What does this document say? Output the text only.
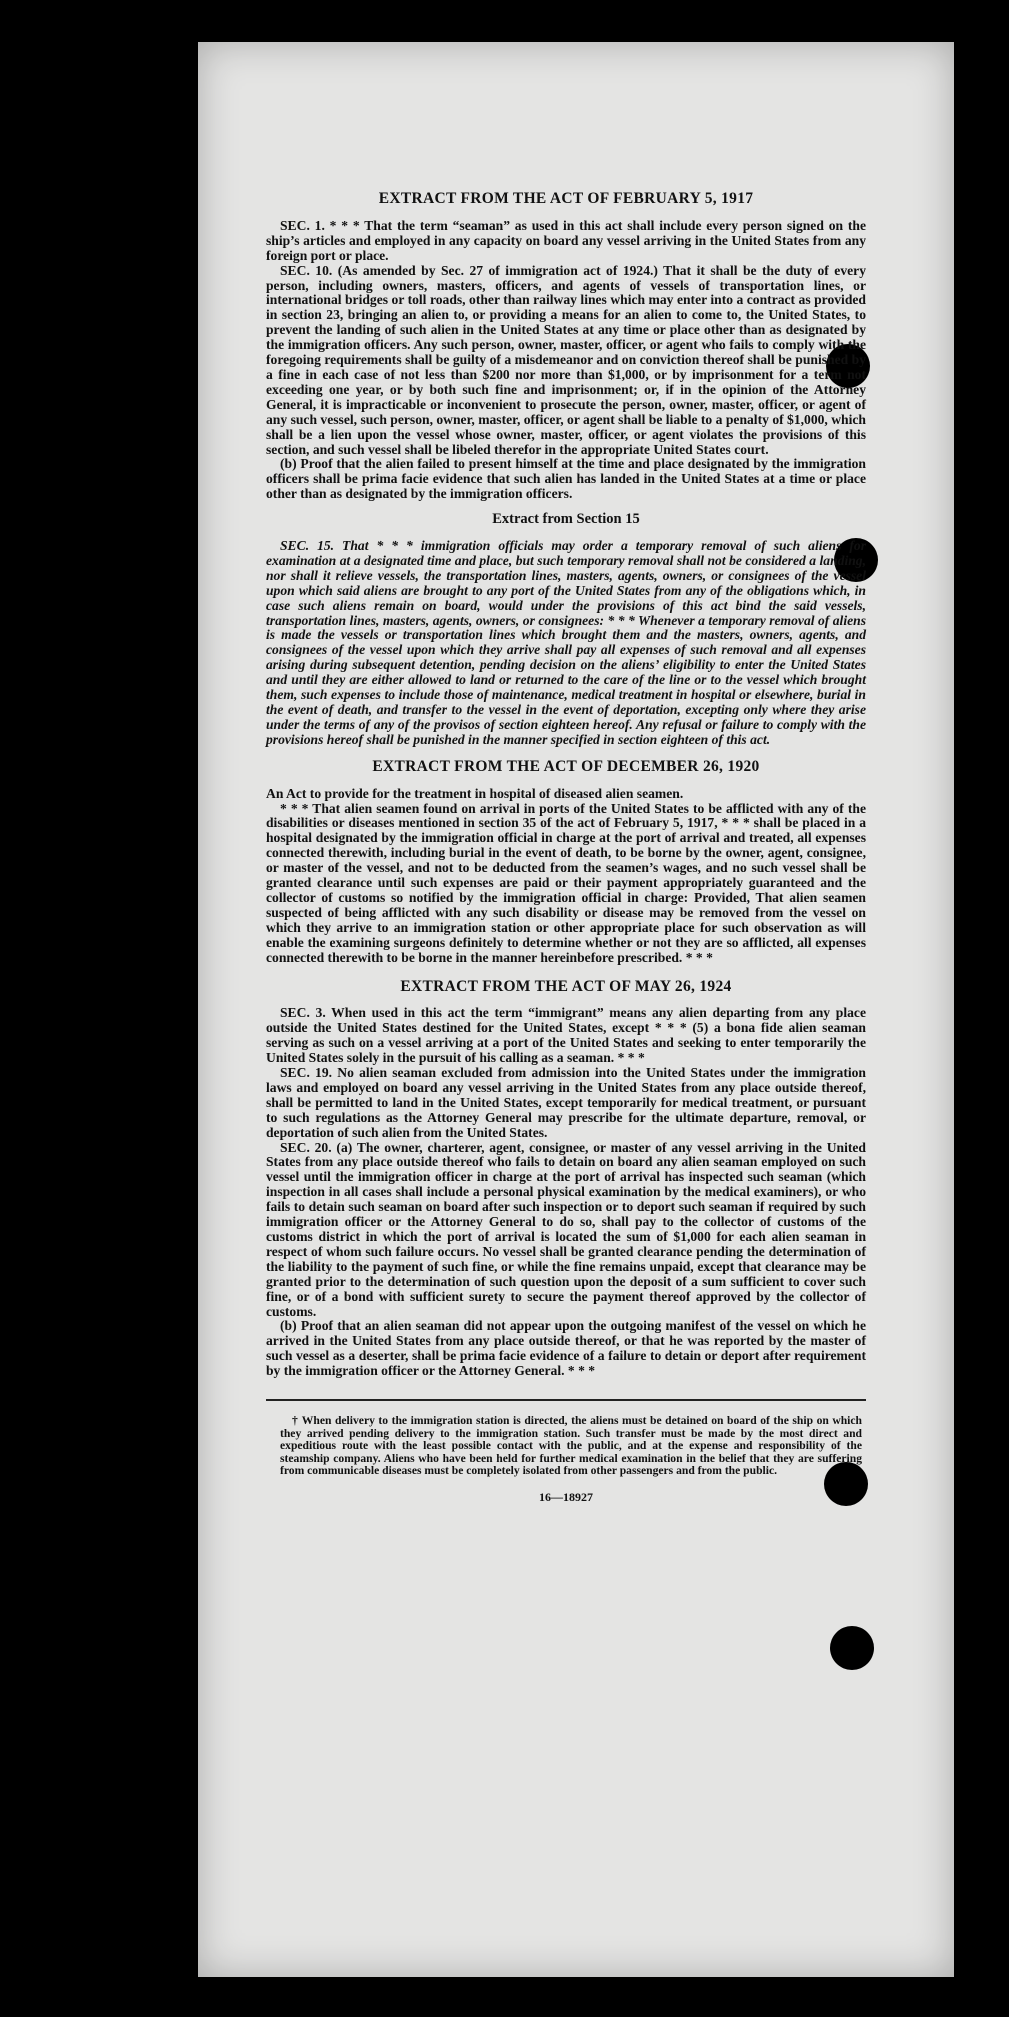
EXTRACT FROM THE ACT OF FEBRUARY 5, 1917

SEC. 1. * * * That the term “seaman” as used in this act shall include every person signed on the ship’s articles and employed in any capacity on board any vessel arriving in the United States from any foreign port or place.

SEC. 10. (As amended by Sec. 27 of immigration act of 1924.) That it shall be the duty of every person, including owners, masters, officers, and agents of vessels of transportation lines, or international bridges or toll roads, other than railway lines which may enter into a contract as provided in section 23, bringing an alien to, or providing a means for an alien to come to, the United States, to prevent the landing of such alien in the United States at any time or place other than as designated by the immigration officers. Any such person, owner, master, officer, or agent who fails to comply with the foregoing requirements shall be guilty of a misdemeanor and on conviction thereof shall be punished by a fine in each case of not less than $200 nor more than $1,000, or by imprisonment for a term not exceeding one year, or by both such fine and imprisonment; or, if in the opinion of the Attorney General, it is impracticable or inconvenient to prosecute the person, owner, master, officer, or agent of any such vessel, such person, owner, master, officer, or agent shall be liable to a penalty of $1,000, which shall be a lien upon the vessel whose owner, master, officer, or agent violates the provisions of this section, and such vessel shall be libeled therefor in the appropriate United States court.

(b) Proof that the alien failed to present himself at the time and place designated by the immigration officers shall be prima facie evidence that such alien has landed in the United States at a time or place other than as designated by the immigration officers.

Extract from Section 15

SEC. 15. That * * * immigration officials may order a temporary removal of such aliens for examination at a designated time and place, but such temporary removal shall not be considered a landing, nor shall it relieve vessels, the transportation lines, masters, agents, owners, or consignees of the vessel upon which said aliens are brought to any port of the United States from any of the obligations which, in case such aliens remain on board, would under the provisions of this act bind the said vessels, transportation lines, masters, agents, owners, or consignees: * * * Whenever a temporary removal of aliens is made the vessels or transportation lines which brought them and the masters, owners, agents, and consignees of the vessel upon which they arrive shall pay all expenses of such removal and all expenses arising during subsequent detention, pending decision on the aliens’ eligibility to enter the United States and until they are either allowed to land or returned to the care of the line or to the vessel which brought them, such expenses to include those of maintenance, medical treatment in hospital or elsewhere, burial in the event of death, and transfer to the vessel in the event of deportation, excepting only where they arise under the terms of any of the provisos of section eighteen hereof. Any refusal or failure to comply with the provisions hereof shall be punished in the manner specified in section eighteen of this act.

EXTRACT FROM THE ACT OF DECEMBER 26, 1920

An Act to provide for the treatment in hospital of diseased alien seamen.

* * * That alien seamen found on arrival in ports of the United States to be afflicted with any of the disabilities or diseases mentioned in section 35 of the act of February 5, 1917, * * * shall be placed in a hospital designated by the immigration official in charge at the port of arrival and treated, all expenses connected therewith, including burial in the event of death, to be borne by the owner, agent, consignee, or master of the vessel, and not to be deducted from the seamen’s wages, and no such vessel shall be granted clearance until such expenses are paid or their payment appropriately guaranteed and the collector of customs so notified by the immigration official in charge: Provided, That alien seamen suspected of being afflicted with any such disability or disease may be removed from the vessel on which they arrive to an immigration station or other appropriate place for such observation as will enable the examining surgeons definitely to determine whether or not they are so afflicted, all expenses connected therewith to be borne in the manner hereinbefore prescribed. * * *

EXTRACT FROM THE ACT OF MAY 26, 1924

SEC. 3. When used in this act the term “immigrant” means any alien departing from any place outside the United States destined for the United States, except * * * (5) a bona fide alien seaman serving as such on a vessel arriving at a port of the United States and seeking to enter temporarily the United States solely in the pursuit of his calling as a seaman. * * *

SEC. 19. No alien seaman excluded from admission into the United States under the immigration laws and employed on board any vessel arriving in the United States from any place outside thereof, shall be permitted to land in the United States, except temporarily for medical treatment, or pursuant to such regulations as the Attorney General may prescribe for the ultimate departure, removal, or deportation of such alien from the United States.

SEC. 20. (a) The owner, charterer, agent, consignee, or master of any vessel arriving in the United States from any place outside thereof who fails to detain on board any alien seaman employed on such vessel until the immigration officer in charge at the port of arrival has inspected such seaman (which inspection in all cases shall include a personal physical examination by the medical examiners), or who fails to detain such seaman on board after such inspection or to deport such seaman if required by such immigration officer or the Attorney General to do so, shall pay to the collector of customs of the customs district in which the port of arrival is located the sum of $1,000 for each alien seaman in respect of whom such failure occurs. No vessel shall be granted clearance pending the determination of the liability to the payment of such fine, or while the fine remains unpaid, except that clearance may be granted prior to the determination of such question upon the deposit of a sum sufficient to cover such fine, or of a bond with sufficient surety to secure the payment thereof approved by the collector of customs.

(b) Proof that an alien seaman did not appear upon the outgoing manifest of the vessel on which he arrived in the United States from any place outside thereof, or that he was reported by the master of such vessel as a deserter, shall be prima facie evidence of a failure to detain or deport after requirement by the immigration officer or the Attorney General. * * *

† When delivery to the immigration station is directed, the aliens must be detained on board of the ship on which they arrived pending delivery to the immigration station. Such transfer must be made by the most direct and expeditious route with the least possible contact with the public, and at the expense and responsibility of the steamship company. Aliens who have been held for further medical examination in the belief that they are suffering from communicable diseases must be completely isolated from other passengers and from the public.

16—18927
